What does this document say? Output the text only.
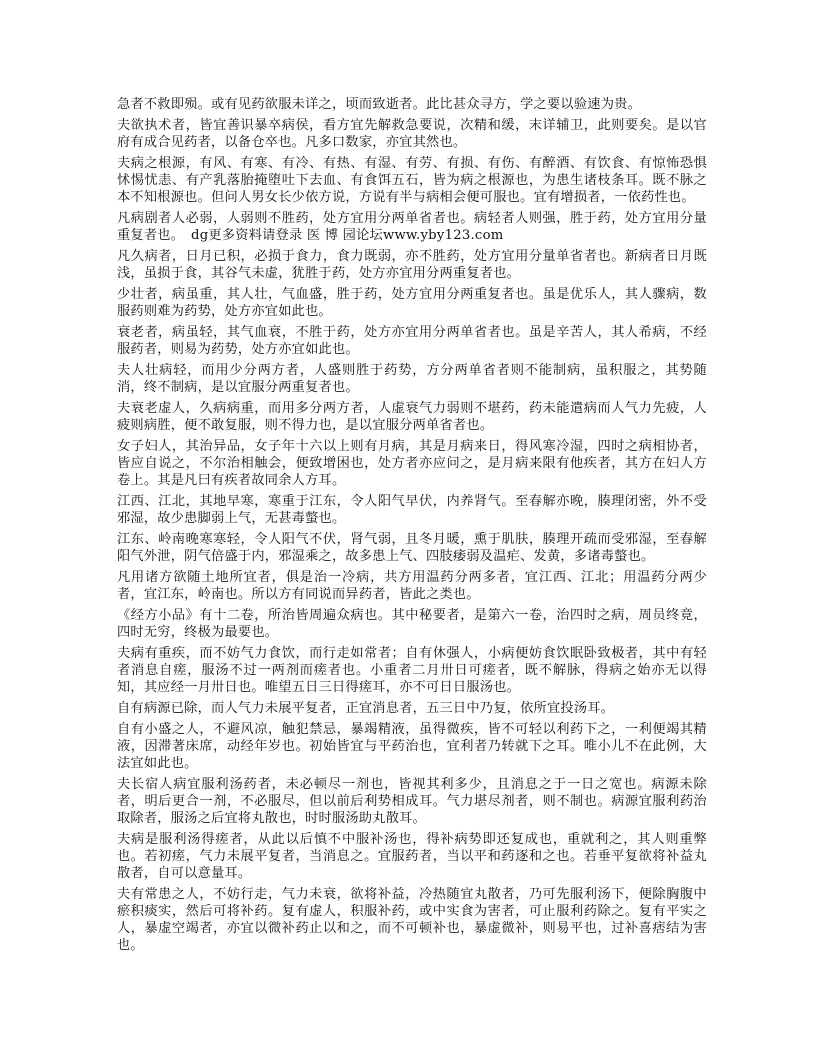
急者不救即殒。或有见药欲服未详之，顷而致逝者。此比甚众寻方，学之要以验速为贵。

夫欲执术者，皆宜善识暴卒病侯，看方宜先解救急要说，次精和缓，末详辅卫，此则要矣。是以官府有成合见药者，以备仓卒也。凡多口数家，亦宜其然也。

夫病之根源，有风、有寒、有冷、有热、有湿、有劳、有损、有伤、有醉酒、有饮食、有惊怖恐惧怵惕忧恚、有产乳落胎掩堕吐下去血、有食饵五石，皆为病之根源也，为患生诸枝条耳。既不脉之本不知根源也。但问人男女长少依方说，方说有半与病相会便可服也。宜有增损者，一依药性也。

凡病剧者人必弱，人弱则不胜药，处方宜用分两单省者也。病轻者人则强，胜于药，处方宜用分量重复者也。　dg更多资料请登录 医 博 园论坛www.yby123.com

凡久病者，日月已积，必损于食力，食力既弱，亦不胜药，处方宜用分量单省者也。新病者日月既浅，虽损于食，其谷气未虚，犹胜于药，处方亦宜用分两重复者也。

少壮者，病虽重，其人壮，气血盛，胜于药，处方宜用分两重复者也。虽是优乐人，其人骤病，数服药则难为药势，处方亦宜如此也。

衰老者，病虽轻，其气血衰，不胜于药，处方亦宜用分两单省者也。虽是辛苦人，其人希病，不经服药者，则易为药势，处方亦宜如此也。

夫人壮病轻，而用少分两方者，人盛则胜于药势，方分两单省者则不能制病，虽积服之，其势随消，终不制病，是以宜服分两重复者也。

夫衰老虚人，久病病重，而用多分两方者，人虚衰气力弱则不堪药，药未能遣病而人气力先疲，人疲则病胜，便不敢复服，则不得力也，是以宜服分两单省者也。

女子妇人，其治异品，女子年十六以上则有月病，其是月病来日，得风寒冷湿，四时之病相协者，皆应自说之，不尔治相触会，便致增困也，处方者亦应问之，是月病来限有他疾者，其方在妇人方卷上。其是凡曰有疾者故同余人方耳。

江西、江北，其地早寒，寒重于江东，令人阳气早伏，内养肾气。至春解亦晚，腠理闭密，外不受邪湿，故少患脚弱上气，无甚毒螫也。

江东、岭南晚寒寒轻，令人阳气不伏，肾气弱，且冬月暖，熏于肌肤，腠理开疏而受邪湿，至春解阳气外泄，阴气倍盛于内，邪湿乘之，故多患上气、四肢痿弱及温疟、发黄，多诸毒螫也。

凡用诸方欲随土地所宜者，俱是治一冷病，共方用温药分两多者，宜江西、江北；用温药分两少者，宜江东，岭南也。所以方有同说而异药者，皆此之类也。

《经方小品》有十二卷，所治皆周遍众病也。其中秘要者，是第六一卷，治四时之病，周员终竟，四时无穷，终极为最要也。

夫病有重疾，而不妨气力食饮，而行走如常者；自有休强人，小病便妨食饮眠卧致极者，其中有轻者消息自瘥，服汤不过一两剂而瘥者也。小重者二月卅日可瘥者，既不解脉，得病之始亦无以得知，其应经一月卅日也。唯望五日三日得瘥耳，亦不可日日服汤也。

自有病源已除，而人气力未展平复者，正宜消息者，五三日中乃复，依所宜投汤耳。

自有小盛之人，不避风凉，触犯禁忌，暴竭精液，虽得微疾，皆不可轻以利药下之，一利便竭其精液，因滞著床席，动经年岁也。初始皆宜与平药治也，宜利者乃转就下之耳。唯小儿不在此例，大法宜如此也。

夫长宿人病宜服利汤药者，未必顿尽一剂也，皆视其利多少，且消息之于一日之宽也。病源未除者，明后更合一剂，不必服尽，但以前后利势相成耳。气力堪尽剂者，则不制也。病源宜服利药治取除者，服汤之后宜将丸散也，时时服汤助丸散耳。

夫病是服利汤得瘥者，从此以后慎不中服补汤也，得补病势即还复成也，重就利之，其人则重弊也。若初瘥，气力未展平复者，当消息之。宜服药者，当以平和药逐和之也。若垂平复欲将补益丸散者，自可以意量耳。

夫有常患之人，不妨行走，气力未衰，欲将补益，冷热随宜丸散者，乃可先服利汤下，便除胸腹中瘀积痰实，然后可将补药。复有虚人，积服补药，或中实食为害者，可止服利药除之。复有平实之人，暴虚空竭者，亦宜以微补药止以和之，而不可顿补也，暴虚微补，则易平也，过补喜痞结为害也。
